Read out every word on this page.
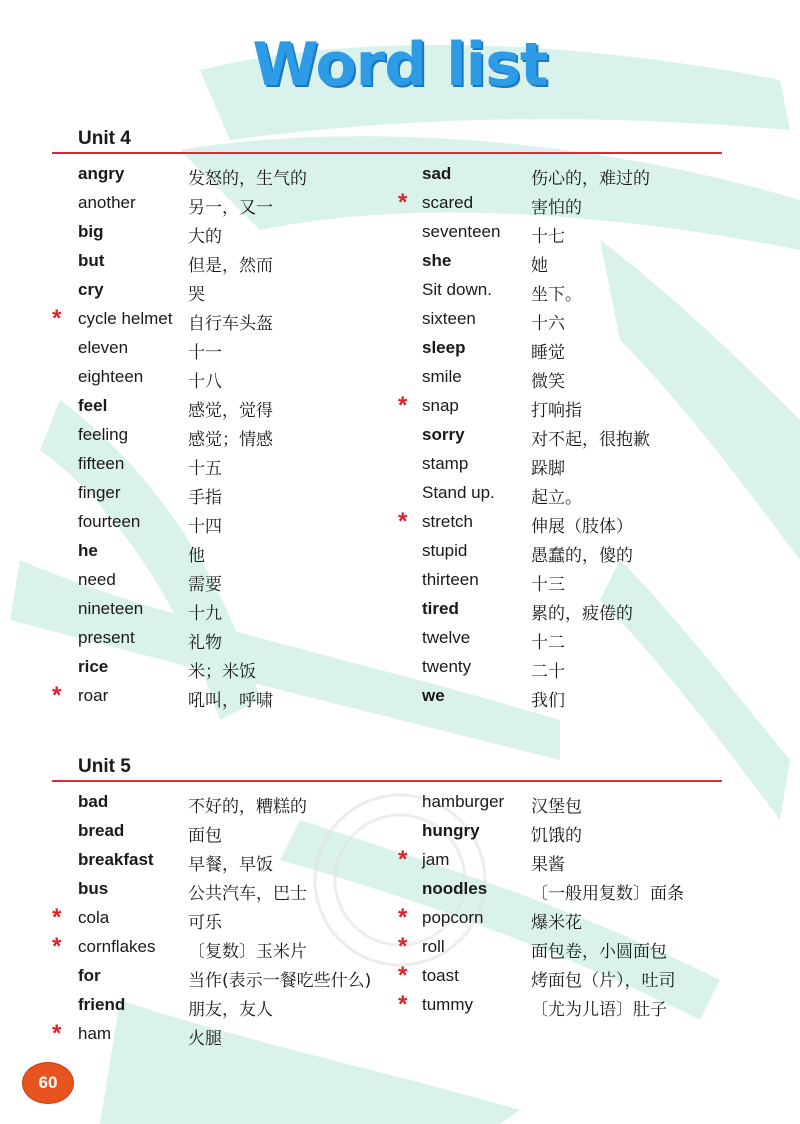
Word list
Unit 4
angry	发怒的，生气的
another	另一，又一
big	大的
but	但是，然而
cry	哭
* cycle helmet 自行车头盔
eleven	十一
eighteen	十八
feel	感觉，觉得
feeling	感觉；情感
fifteen	十五
finger	手指
fourteen	十四
he	他
need	需要
nineteen	十九
present	礼物
rice	米；米饭
* roar	吼叫，呼啸
sad	伤心的，难过的
* scared	害怕的
seventeen 十七
she	她
Sit down. 坐下。
sixteen	十六
sleep	睡觉
smile	微笑
* snap	打响指
sorry	对不起，很抱歉
stamp	跺脚
Stand up. 起立。
* stretch	伸展（肢体）
stupid	愚蠢的，傻的
thirteen	十三
tired	累的，疲倦的
twelve	十二
twenty	二十
we	我们
Unit 5
bad	不好的，糟糕的
bread	面包
breakfast 早餐，早饭
bus	公共汽车，巴士
* cola	可乐
* cornflakes 〔复数〕玉米片
for	当作(表示一餐吃些什么)
friend	朋友，友人
* ham	火腿
hamburger 汉堡包
hungry	饥饿的
* jam	果酱
noodles	〔一般用复数〕面条
* popcorn	爆米花
* roll	面包卷，小圆面包
* toast	烤面包（片），吐司
* tummy	〔尤为儿语〕肚子
60
